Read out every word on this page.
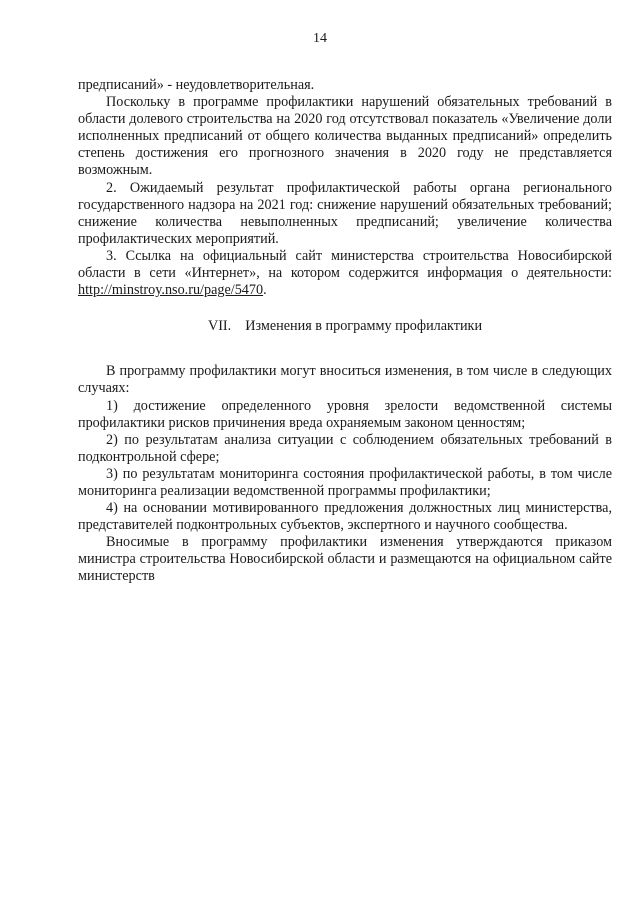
14

предписаний» - неудовлетворительная.

Поскольку в программе профилактики нарушений обязательных требований в области долевого строительства на 2020 год отсутствовал показатель «Увеличение доли исполненных предписаний от общего количества выданных предписаний» определить степень достижения его прогнозного значения в 2020 году не представляется возможным.

2. Ожидаемый результат профилактической работы органа регионального государственного надзора на 2021 год: снижение нарушений обязательных требований; снижение количества невыполненных предписаний; увеличение количества профилактических мероприятий.

3. Ссылка на официальный сайт министерства строительства Новосибирской области в сети «Интернет», на котором содержится информация о деятельности: http://minstroy.nso.ru/page/5470.

VII. Изменения в программу профилактики

В программу профилактики могут вноситься изменения, в том числе в следующих случаях:

1) достижение определенного уровня зрелости ведомственной системы профилактики рисков причинения вреда охраняемым законом ценностям;

2) по результатам анализа ситуации с соблюдением обязательных требований в подконтрольной сфере;

3) по результатам мониторинга состояния профилактической работы, в том числе мониторинга реализации ведомственной программы профилактики;

4) на основании мотивированного предложения должностных лиц министерства, представителей подконтрольных субъектов, экспертного и научного сообщества.

Вносимые в программу профилактики изменения утверждаются приказом министра строительства Новосибирской области и размещаются на официальном сайте министерств
